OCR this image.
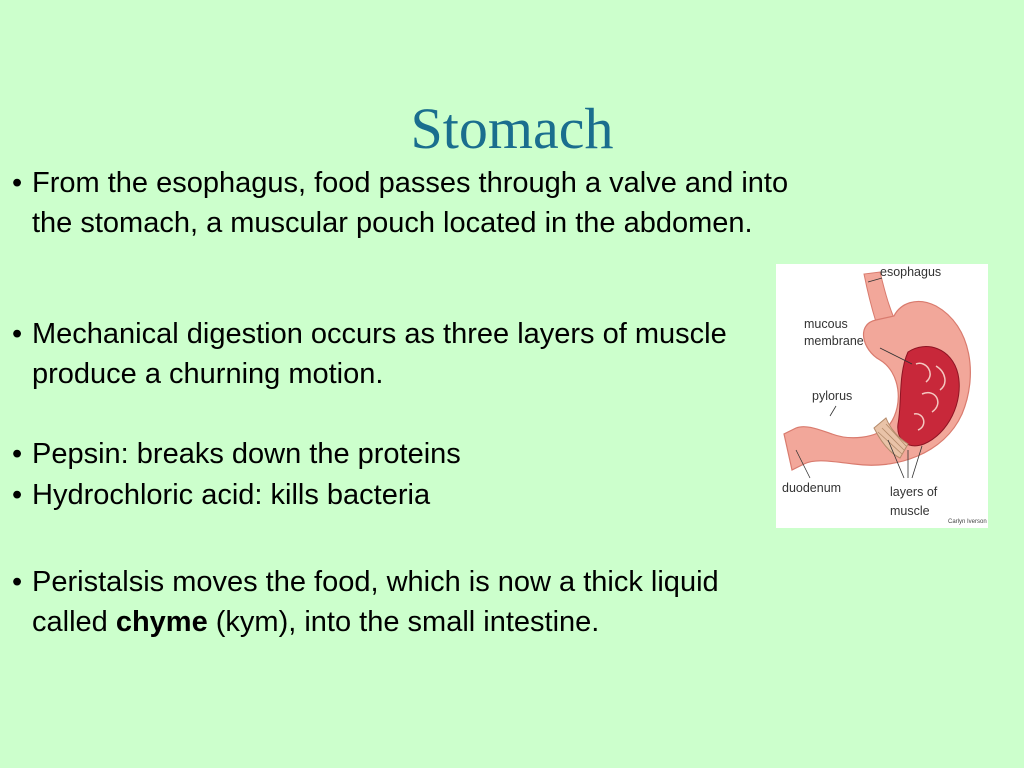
Stomach
• From the esophagus, food passes through a valve and into the stomach, a muscular pouch located in the abdomen.
• Mechanical digestion occurs as three layers of muscle produce a churning motion.
• Pepsin: breaks down the proteins
• Hydrochloric acid: kills bacteria
• Peristalsis moves the food, which is now a thick liquid called chyme (kym), into the small intestine.
esophagus
mucous
membrane
pylorus
duodenum	layers of
muscle
Carlyn Iverson
